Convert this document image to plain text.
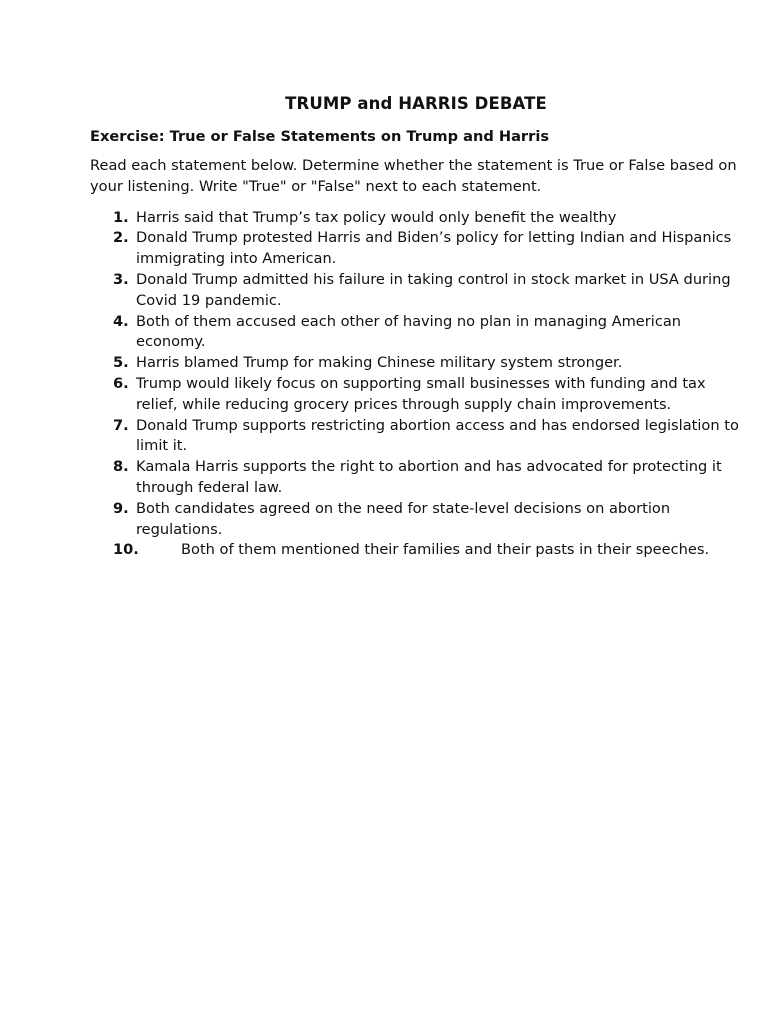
TRUMP and HARRIS DEBATE
Exercise: True or False Statements on Trump and Harris

Read each statement below. Determine whether the statement is True or False based on your listening. Write "True" or "False" next to each statement.

1. Harris said that Trump’s tax policy would only benefit the wealthy
2. Donald Trump protested Harris and Biden’s policy for letting Indian and Hispanics immigrating into American.
3. Donald Trump admitted his failure in taking control in stock market in USA during Covid 19 pandemic.
4. Both of them accused each other of having no plan in managing American economy.
5. Harris blamed Trump for making Chinese military system stronger.
6. Trump would likely focus on supporting small businesses with funding and tax relief, while reducing grocery prices through supply chain improvements.
7. Donald Trump supports restricting abortion access and has endorsed legislation to limit it.
8. Kamala Harris supports the right to abortion and has advocated for protecting it through federal law.
9. Both candidates agreed on the need for state-level decisions on abortion regulations.
10.	Both of them mentioned their families and their pasts in their speeches.
